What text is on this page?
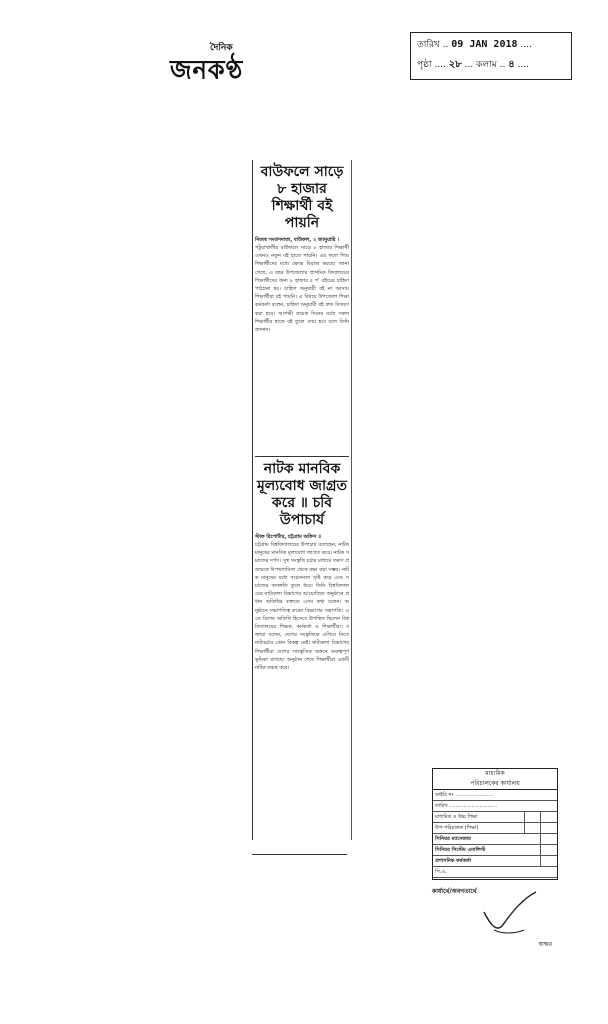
দৈনিক
জনকণ্ঠ
তারিখ .. 09 JAN 2018 ....
পৃষ্ঠা .... ২৮ ... কলাম .. ৪ ....
বাউফলে সাড়ে ৮ হাজার শিক্ষার্থী বই পায়নি
নিজস্ব সংবাদদাতা, বাউফল, ২ জানুয়ারি ।
পটুয়াখালীর বাউফলে সাড়ে ৮ হাজার শিক্ষার্থী এখনও নতুন বই হাতে পায়নি। এর ফলে শিশু শিক্ষার্থীদের মধ্যে ক্ষোভ বিরাজ করছে। জানা গেছে, এ বছর উপজেলার প্রাথমিক বিদ্যালয়ের শিক্ষার্থীদের জন্য ৮ হাজার ৫ শ’ বইয়ের চাহিদা পাঠানো হয়। চাহিদা অনুযায়ী বই না আসায় শিক্ষার্থীরা বই পায়নি। এ বিষয়ে উপজেলা শিক্ষা কর্মকর্তা বলেন, চাহিদা অনুযায়ী বই দ্রুত বিতরণ করা হবে। আগামী কয়েক দিনের মধ্যে সকল শিক্ষার্থীর হাতে বই তুলে দেয়া হবে বলে তিনি জানান।
নাটক মানবিক মূল্যবোধ জাগ্রত করে ॥ চবি উপাচার্য
স্টাফ রিপোর্টার, চট্টগ্রাম অফিস ॥
চট্টগ্রাম বিশ্ববিদ্যালয়ের উপাচার্য বলেছেন, নাটক মানুষের মানবিক মূল্যবোধ জাগ্রত করে। নাটক সমাজের দর্পণ। সুস্থ সংস্কৃতি চর্চার মাধ্যমে তরুণ প্রজন্মকে বিপথগামিতা থেকে রক্ষা করা সম্ভব। নাটক মানুষের মধ্যে সচেতনতা সৃষ্টি করে এবং সমাজের অসঙ্গতি তুলে ধরে। তিনি বিশ্ববিদ্যালয়ের নাট্যকলা বিভাগের আয়োজিত অনুষ্ঠানে প্রধান অতিথির বক্তব্যে এসব কথা বলেন। অনুষ্ঠানে সভাপতিত্ব করেন বিভাগের সভাপতি। এতে বিশেষ অতিথি হিসেবে উপস্থিত ছিলেন বিশ্ববিদ্যালয়ের শিক্ষক, কর্মকর্তা ও শিক্ষার্থীরা। বক্তারা বলেন, দেশের সংস্কৃতিকে এগিয়ে নিতে নাট্যচর্চার কোন বিকল্প নেই। নাট্যকলা বিভাগের শিক্ষার্থীরা দেশের সাংস্কৃতিক অঙ্গনে গুরুত্বপূর্ণ ভূমিকা রাখছে। অনুষ্ঠান শেষে শিক্ষার্থীরা একটি নাটক মঞ্চস্থ করে।
মাধ্যমিক
পরিচালকের কার্যালয়
ডাইরি নং ........................
তারিখ ..............................
মাধ্যমিক ও উচ্চ শিক্ষা
উপ-পরিচালক (শিক্ষা)
সিনিয়র ম্যানেজার
সিনিয়র সিস্টেম এনালিস্ট
প্রশাসনিক কর্মকর্তা
পি.এ.
কার্যার্থে/অবগতার্থে
স্বাক্ষর
